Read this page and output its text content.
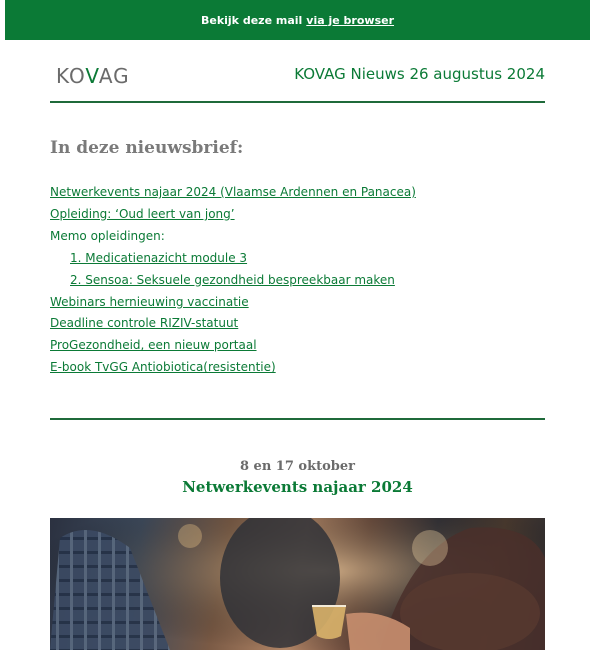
Bekijk deze mail via je browser
KOVAG	KOVAG Nieuws 26 augustus 2024
In deze nieuwsbrief:
Netwerkevents najaar 2024 (Vlaamse Ardennen en Panacea)
Opleiding: ‘Oud leert van jong’
Memo opleidingen:
1. Medicatienazicht module 3
2. Sensoa: Seksuele gezondheid bespreekbaar maken
Webinars hernieuwing vaccinatie
Deadline controle RIZIV-statuut
ProGezondheid, een nieuw portaal
E-book TvGG Antiobiotica(resistentie)
8 en 17 oktober
Netwerkevents najaar 2024
